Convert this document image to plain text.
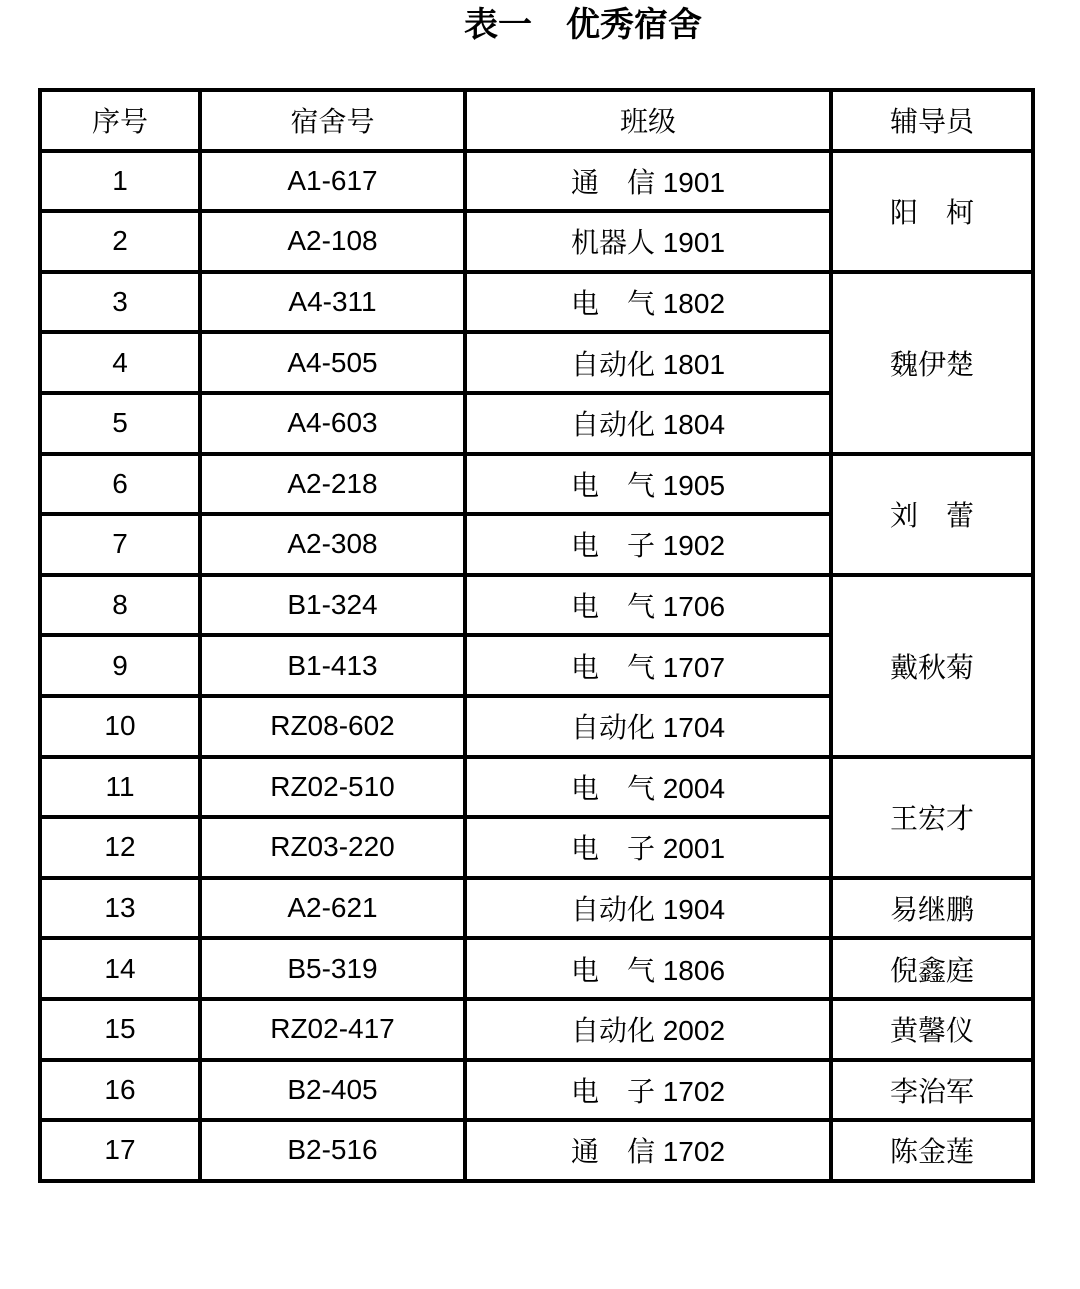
表一　优秀宿舍
序号	宿舍号	班级	辅导员
1	A1-617	通　信 1901	阳　柯
2	A2-108	机器人 1901	
3	A4-311	电　气 1802	魏伊楚
4	A4-505	自动化 1801	
5	A4-603	自动化 1804	
6	A2-218	电　气 1905	刘　蕾
7	A2-308	电　子 1902	
8	B1-324	电　气 1706	戴秋菊
9	B1-413	电　气 1707	
10	RZ08-602	自动化 1704	
11	RZ02-510	电　气 2004	王宏才
12	RZ03-220	电　子 2001	
13	A2-621	自动化 1904	易继鹏
14	B5-319	电　气 1806	倪鑫庭
15	RZ02-417	自动化 2002	黄馨仪
16	B2-405	电　子 1702	李治军
17	B2-516	通　信 1702	陈金莲
